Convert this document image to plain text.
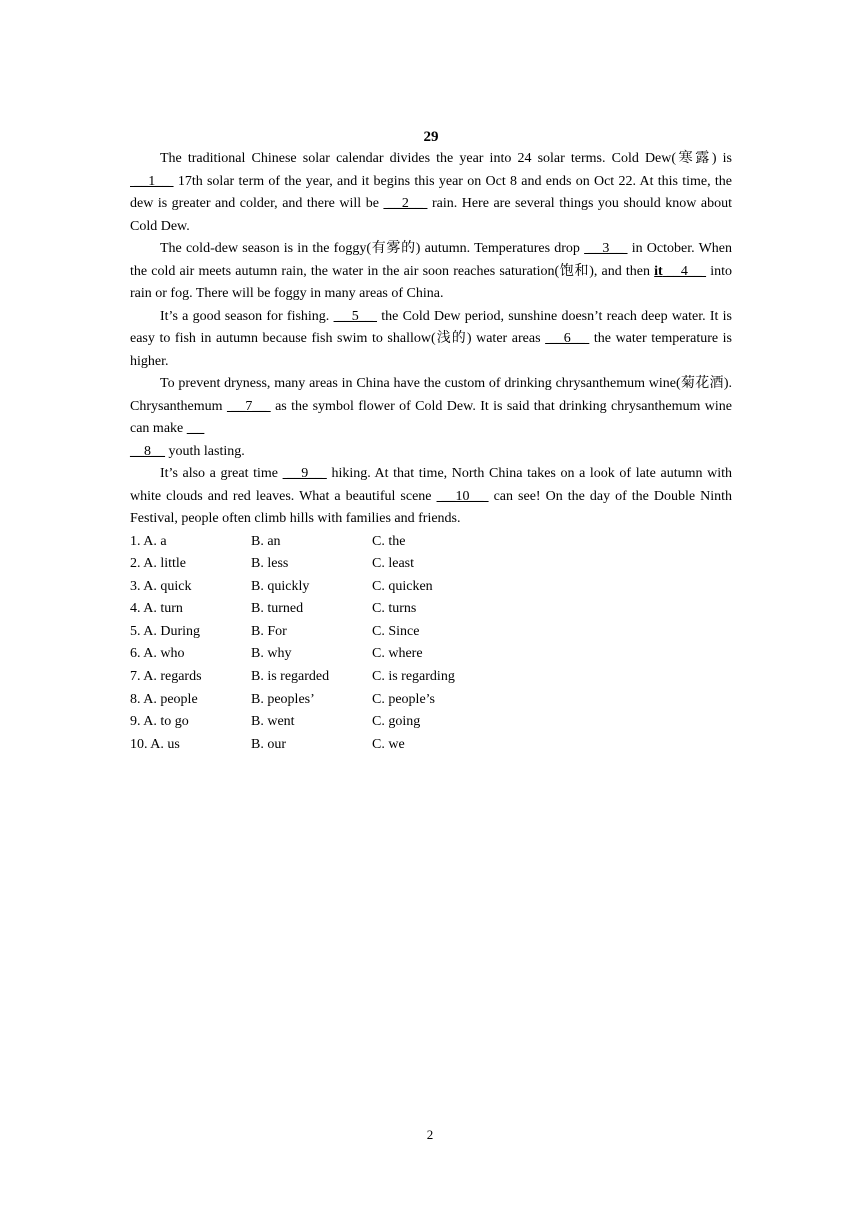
29

The traditional Chinese solar calendar divides the year into 24 solar terms. Cold Dew(寒露) is  __1__  17th solar term of the year, and it begins this year on Oct 8 and ends on Oct 22. At this time, the dew is greater and colder, and there will be  __2__  rain. Here are several things you should know about Cold Dew.

The cold-dew season is in the foggy(有雾的) autumn. Temperatures drop  __3__  in October. When the cold air meets autumn rain, the water in the air soon reaches saturation(饱和), and then it __4__  into rain or fog. There will be foggy in many areas of China.

It’s a good season for fishing.  __5__  the Cold Dew period, sunshine doesn’t reach deep water. It is easy to fish in autumn because fish swim to shallow(浅的) water areas  __6__  the water temperature is higher.

To prevent dryness, many areas in China have the custom of drinking chrysanthemum wine(菊花酒). Chrysanthemum  __7__  as the symbol flower of Cold Dew. It is said that drinking chrysanthemum wine can make  __

__8__ youth lasting.

It’s also a great time  __9__  hiking. At that time, North China takes on a look of late autumn with white clouds and red leaves. What a beautiful scene  __10__  can see! On the day of the Double Ninth Festival, people often climb hills with families and friends.

1. A. a	B. an	C. the
2. A. little	B. less	C. least
3. A. quick	B. quickly	C. quicken
4. A. turn	B. turned	C. turns
5. A. During	B. For	C. Since
6. A. who	B. why	C. where
7. A. regards	B. is regarded	C. is regarding
8. A. people	B. peoples’	C. people’s
9. A. to go	B. went	C. going
10. A. us	B. our	C. we
2
